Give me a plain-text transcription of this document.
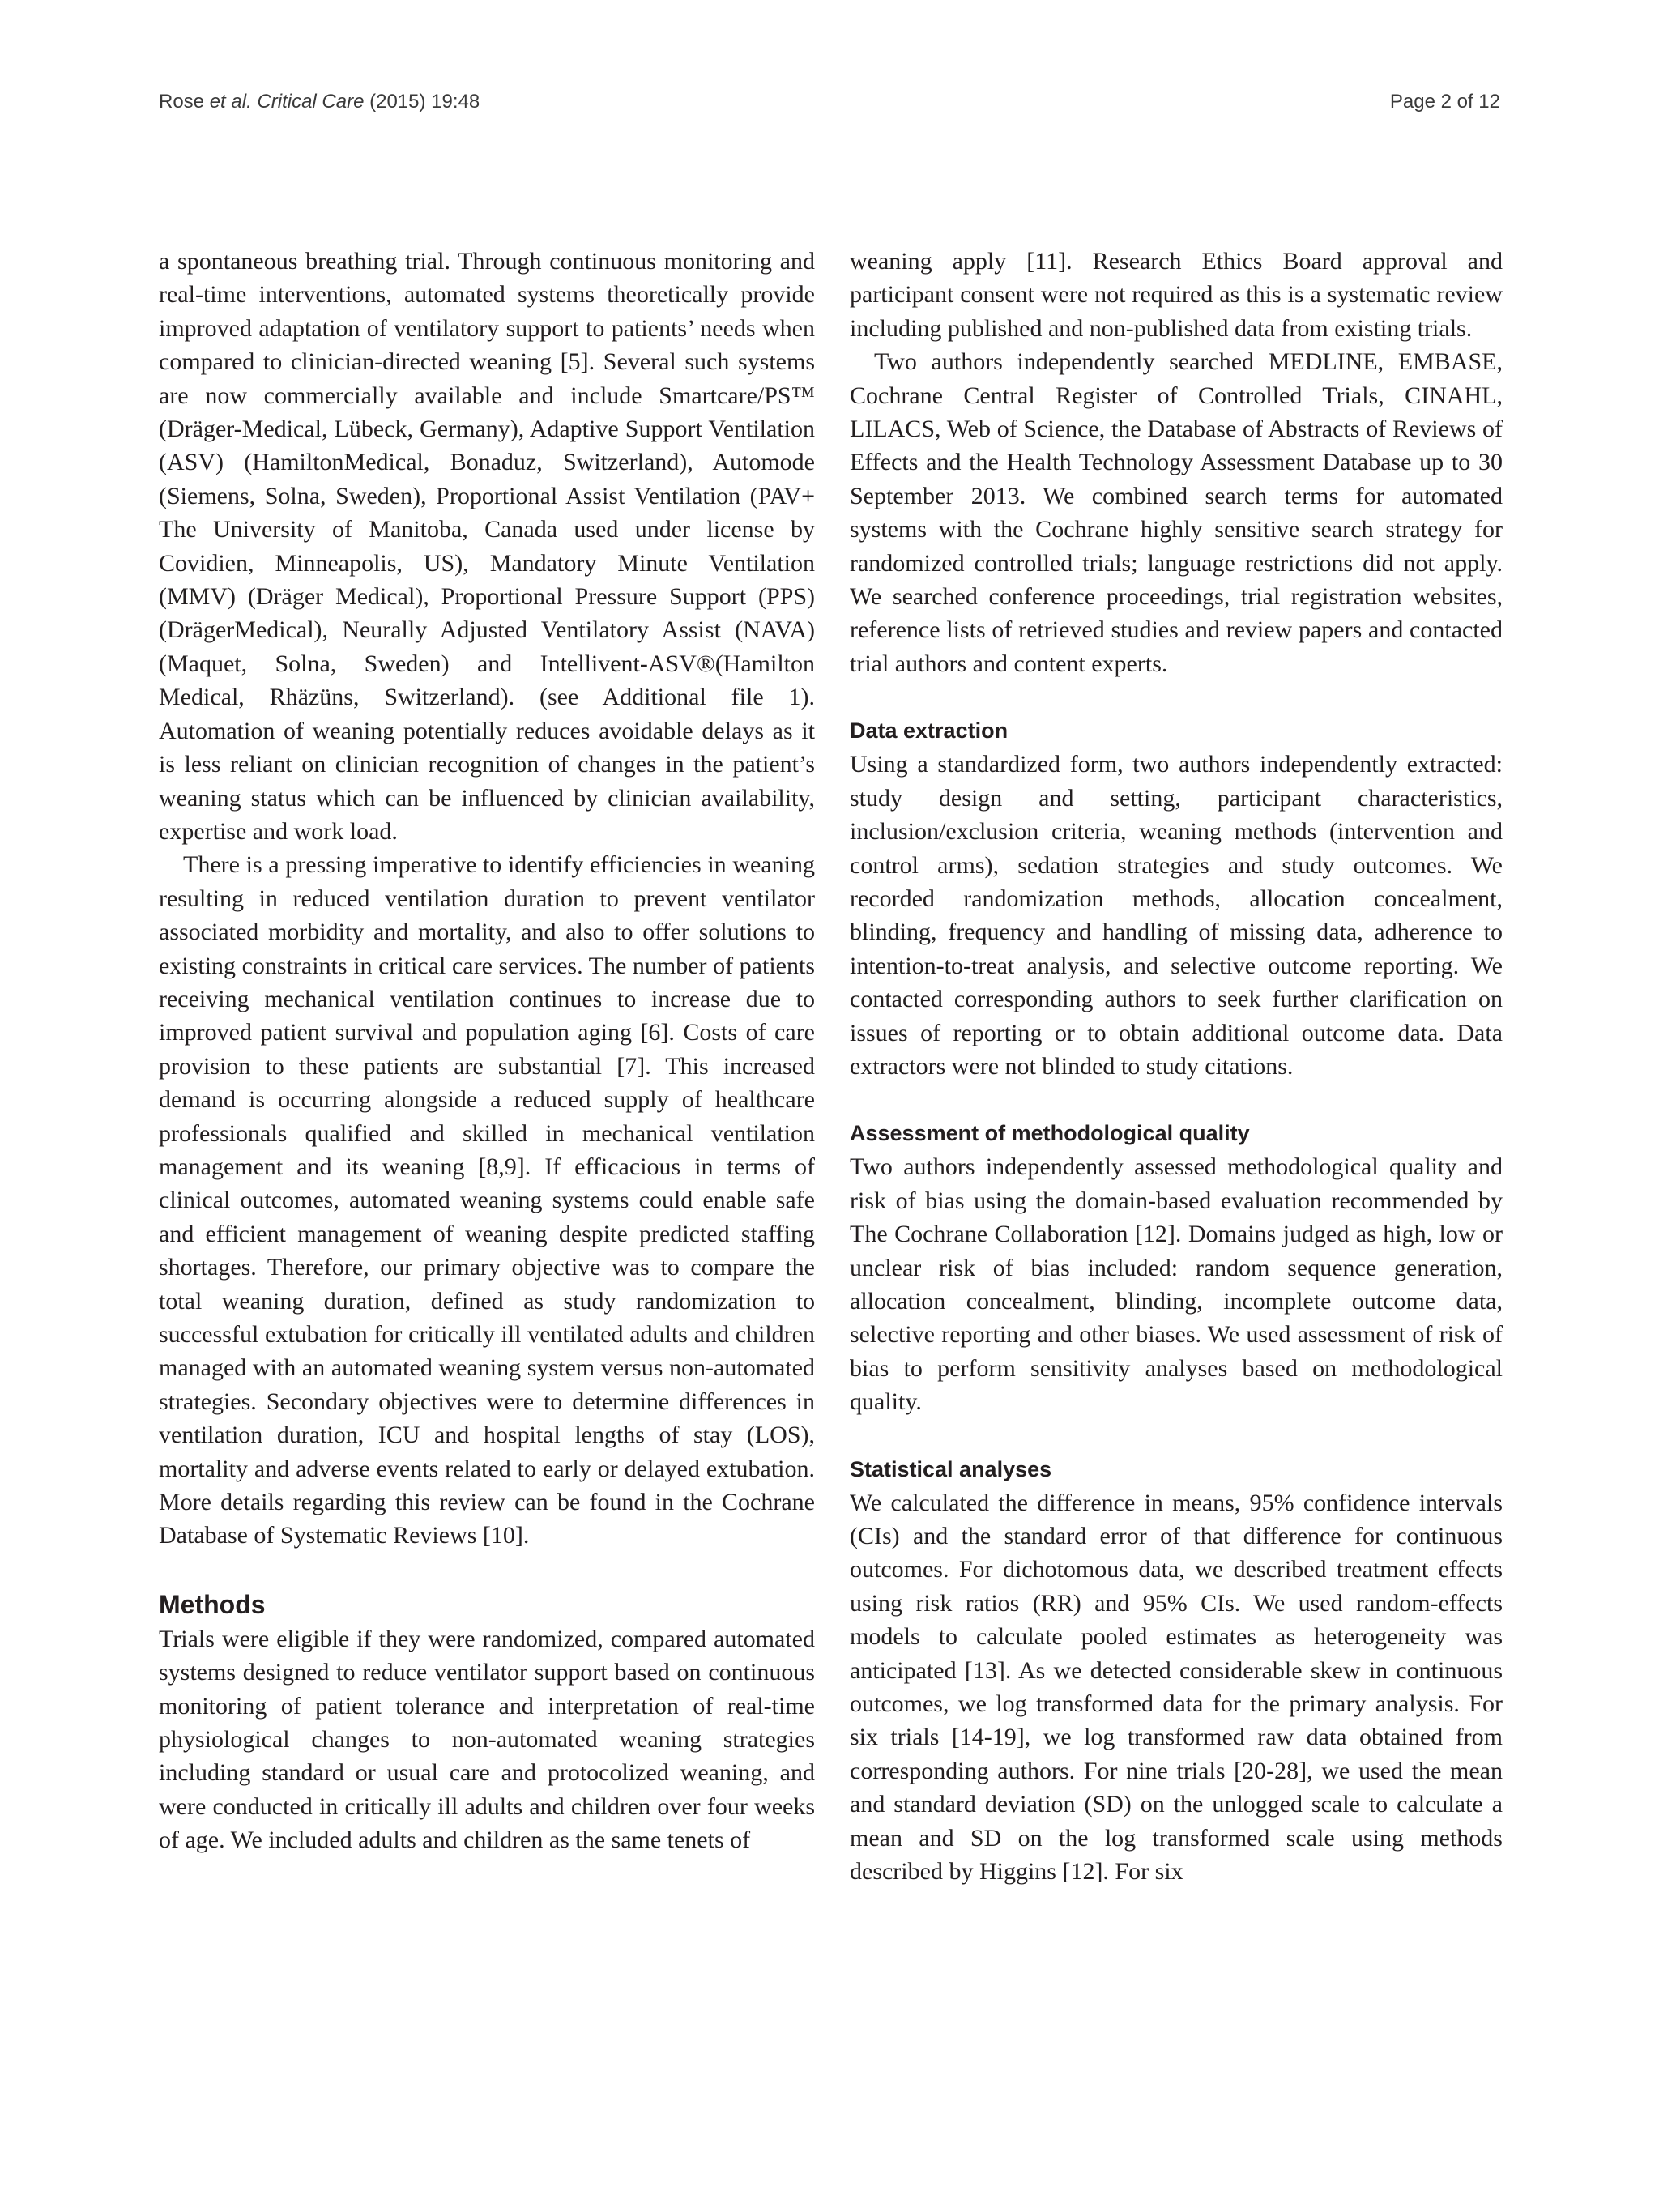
Rose et al. Critical Care (2015) 19:48	Page 2 of 12

a spontaneous breathing trial. Through continuous monitoring and real-time interventions, automated systems theoretically provide improved adaptation of ventilatory support to patients’ needs when compared to clinician-directed weaning [5]. Several such systems are now commercially available and include Smartcare/PS™ (Dräger-Medical, Lübeck, Germany), Adaptive Support Ventilation (ASV) (HamiltonMedical, Bonaduz, Switzerland), Automode (Siemens, Solna, Sweden), Proportional Assist Ventilation (PAV+ The University of Manitoba, Canada used under license by Covidien, Minneapolis, US), Mandatory Minute Ventilation (MMV) (Dräger Medical), Proportional Pressure Support (PPS) (DrägerMedical), Neurally Adjusted Ventilatory Assist (NAVA) (Maquet, Solna, Sweden) and Intellivent-ASV®(Hamilton Medical, Rhäzüns, Switzerland). (see Additional file 1). Automation of weaning potentially reduces avoidable delays as it is less reliant on clinician recognition of changes in the patient’s weaning status which can be influenced by clinician availability, expertise and work load.

There is a pressing imperative to identify efficiencies in weaning resulting in reduced ventilation duration to prevent ventilator associated morbidity and mortality, and also to offer solutions to existing constraints in critical care services. The number of patients receiving mechanical ventilation continues to increase due to improved patient survival and population aging [6]. Costs of care provision to these patients are substantial [7]. This increased demand is occurring alongside a reduced supply of healthcare professionals qualified and skilled in mechanical ventilation management and its weaning [8,9]. If efficacious in terms of clinical outcomes, automated weaning systems could enable safe and efficient management of weaning despite predicted staffing shortages. Therefore, our primary objective was to compare the total weaning duration, defined as study randomization to successful extubation for critically ill ventilated adults and children managed with an automated weaning system versus non-automated strategies. Secondary objectives were to determine differences in ventilation duration, ICU and hospital lengths of stay (LOS), mortality and adverse events related to early or delayed extubation. More details regarding this review can be found in the Cochrane Database of Systematic Reviews [10].

Methods

Trials were eligible if they were randomized, compared automated systems designed to reduce ventilator support based on continuous monitoring of patient tolerance and interpretation of real-time physiological changes to non-automated weaning strategies including standard or usual care and protocolized weaning, and were conducted in critically ill adults and children over four weeks of age. We included adults and children as the same tenets of

weaning apply [11]. Research Ethics Board approval and participant consent were not required as this is a systematic review including published and non-published data from existing trials.

Two authors independently searched MEDLINE, EMBASE, Cochrane Central Register of Controlled Trials, CINAHL, LILACS, Web of Science, the Database of Abstracts of Reviews of Effects and the Health Technology Assessment Database up to 30 September 2013. We combined search terms for automated systems with the Cochrane highly sensitive search strategy for randomized controlled trials; language restrictions did not apply. We searched conference proceedings, trial registration websites, reference lists of retrieved studies and review papers and contacted trial authors and content experts.

Data extraction

Using a standardized form, two authors independently extracted: study design and setting, participant characteristics, inclusion/exclusion criteria, weaning methods (intervention and control arms), sedation strategies and study outcomes. We recorded randomization methods, allocation concealment, blinding, frequency and handling of missing data, adherence to intention-to-treat analysis, and selective outcome reporting. We contacted corresponding authors to seek further clarification on issues of reporting or to obtain additional outcome data. Data extractors were not blinded to study citations.

Assessment of methodological quality

Two authors independently assessed methodological quality and risk of bias using the domain-based evaluation recommended by The Cochrane Collaboration [12]. Domains judged as high, low or unclear risk of bias included: random sequence generation, allocation concealment, blinding, incomplete outcome data, selective reporting and other biases. We used assessment of risk of bias to perform sensitivity analyses based on methodological quality.

Statistical analyses

We calculated the difference in means, 95% confidence intervals (CIs) and the standard error of that difference for continuous outcomes. For dichotomous data, we described treatment effects using risk ratios (RR) and 95% CIs. We used random-effects models to calculate pooled estimates as heterogeneity was anticipated [13]. As we detected considerable skew in continuous outcomes, we log transformed data for the primary analysis. For six trials [14-19], we log transformed raw data obtained from corresponding authors. For nine trials [20-28], we used the mean and standard deviation (SD) on the unlogged scale to calculate a mean and SD on the log transformed scale using methods described by Higgins [12]. For six
